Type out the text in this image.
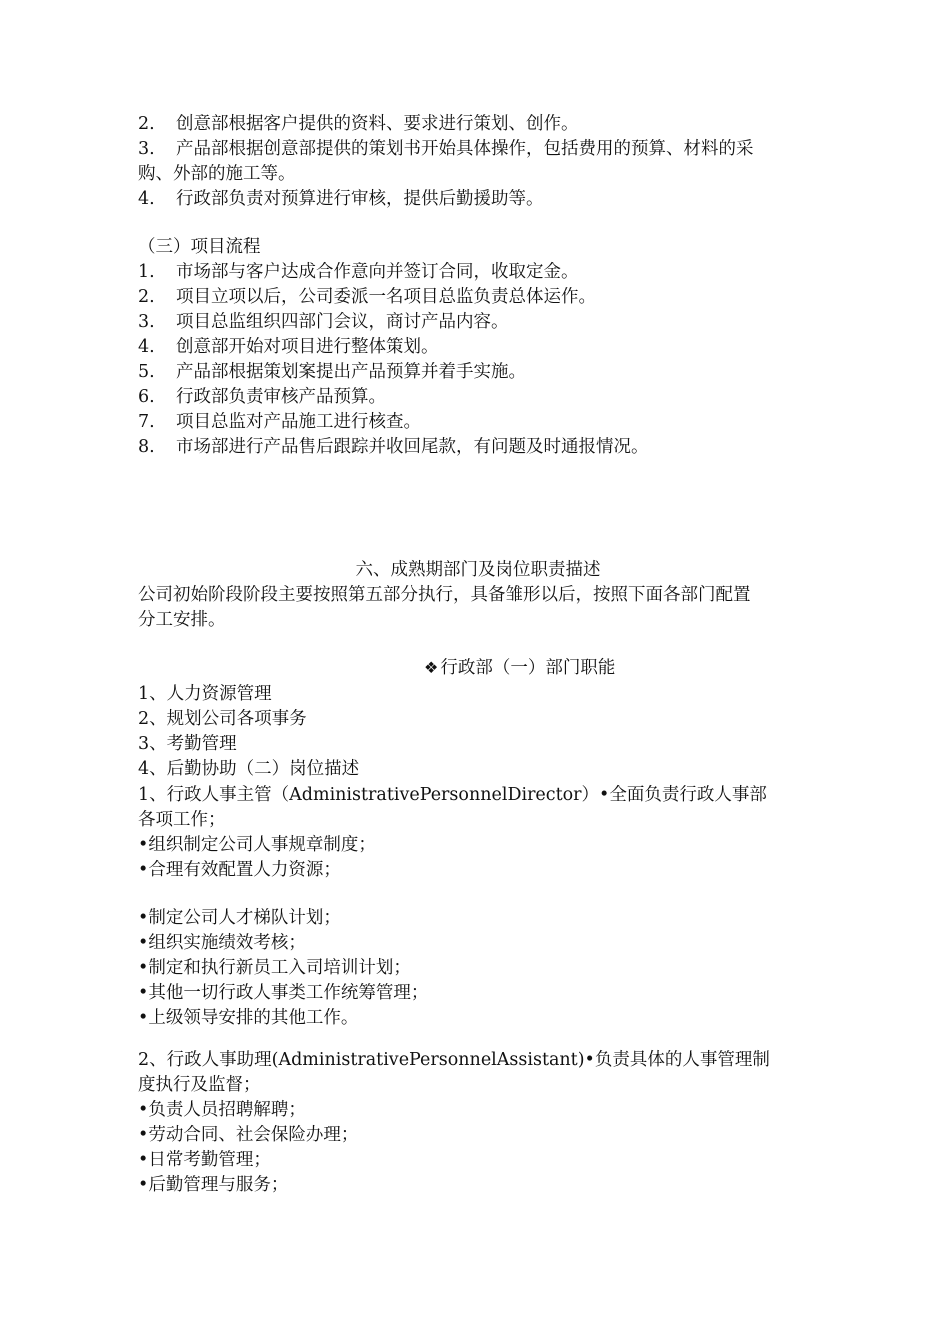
2. 创意部根据客户提供的资料、要求进行策划、创作。
3. 产品部根据创意部提供的策划书开始具体操作，包括费用的预算、材料的采
购、外部的施工等。
4. 行政部负责对预算进行审核，提供后勤援助等。
（三）项目流程
1. 市场部与客户达成合作意向并签订合同，收取定金。
2. 项目立项以后，公司委派一名项目总监负责总体运作。
3. 项目总监组织四部门会议，商讨产品内容。
4. 创意部开始对项目进行整体策划。
5. 产品部根据策划案提出产品预算并着手实施。
6. 行政部负责审核产品预算。
7. 项目总监对产品施工进行核查。
8. 市场部进行产品售后跟踪并收回尾款，有问题及时通报情况。
六、成熟期部门及岗位职责描述
公司初始阶段阶段主要按照第五部分执行，具备雏形以后，按照下面各部门配置
分工安排。
❖ 行政部（一）部门职能
1、人力资源管理
2、规划公司各项事务
3、考勤管理
4、后勤协助（二）岗位描述
1、行政人事主管（AdministrativePersonnelDirector）•全面负责行政人事部
各项工作；
•组织制定公司人事规章制度；
•合理有效配置人力资源；
•制定公司人才梯队计划；
•组织实施绩效考核；
•制定和执行新员工入司培训计划；
•其他一切行政人事类工作统筹管理；
•上级领导安排的其他工作。
2、行政人事助理(AdministrativePersonnelAssistant)•负责具体的人事管理制
度执行及监督；
•负责人员招聘解聘；
•劳动合同、社会保险办理；
•日常考勤管理；
•后勤管理与服务；
